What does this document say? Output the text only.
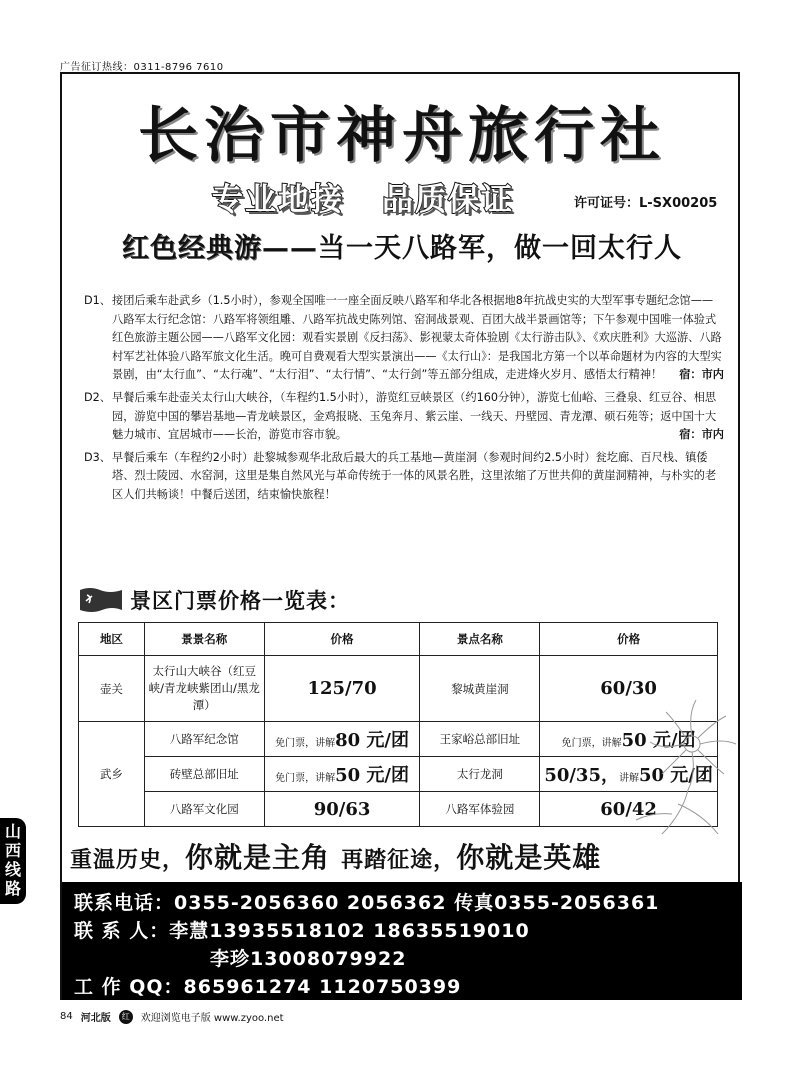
广告征订热线：0311-8796 7610
长治市神舟旅行社
专业地接 品质保证	许可证号：L-SX00205
红色经典游——当一天八路军，做一回太行人
D1、 接团后乘车赴武乡（1.5小时），参观全国唯一一座全面反映八路军和华北各根据地8年抗战史实的大型军事专题纪念馆——八路军太行纪念馆：八路军将领组雕、八路军抗战史陈列馆、窑洞战景观、百团大战半景画馆等；下午参观中国唯一体验式红色旅游主题公园——八路军文化园：观看实景剧《反扫荡》、影视蒙太奇体验剧《太行游击队》、《欢庆胜利》大巡游、八路村军艺社体验八路军旅文化生活。晚可自费观看大型实景演出——《太行山》：是我国北方第一个以革命题材为内容的大型实景剧，由“太行血”、“太行魂”、“太行泪”、“太行情”、“太行剑”等五部分组成，走进烽火岁月、感悟太行精神！	宿：市内
D2、 早餐后乘车赴壶关太行山大峡谷，（车程约1.5小时），游览红豆峡景区（约160分钟），游览七仙峪、三叠泉、红豆谷、相思园，游览中国的攀岩基地—青龙峡景区，金鸡报晓、玉兔奔月、紫云崖、一线天、丹壁园、青龙潭、硕石苑等；返中国十大魅力城市、宜居城市——长治，游览市容市貌。	宿：市内
D3、 早餐后乘车（车程约2小时）赴黎城参观华北敌后最大的兵工基地—黄崖洞（参观时间约2.5小时）瓮圪廊、百尺栈、镇倭塔、烈士陵园、水窑洞，这里是集自然风光与革命传统于一体的风景名胜，这里浓缩了万世共仰的黄崖洞精神，与朴实的老区人们共畅谈！中餐后送团，结束愉快旅程！
景区门票价格一览表：
地区	景景名称	价格	景点名称	价格
壶关	太行山大峡谷（红豆峡/青龙峡紫团山/黑龙潭）	125/70	黎城黄崖洞	60/30
武乡	八路军纪念馆	免门票，讲解80 元/团	王家峪总部旧址	免门票，讲解50 元/团
	砖壁总部旧址	免门票，讲解50 元/团	太行龙洞	50/35，讲解50 元/团
	八路军文化园	90/63	八路军体验园	60/42
重温历史，你就是主角 再踏征途，你就是英雄
联系电话：0355-2056360 2056362 传真0355-2056361
联 系 人：李慧13935518102 18635519010
李珍13008079922
工 作 QQ：865961274 1120750399
山
西
线
路
84 河北版	红	欢迎浏览电子版 www.zyoo.net
